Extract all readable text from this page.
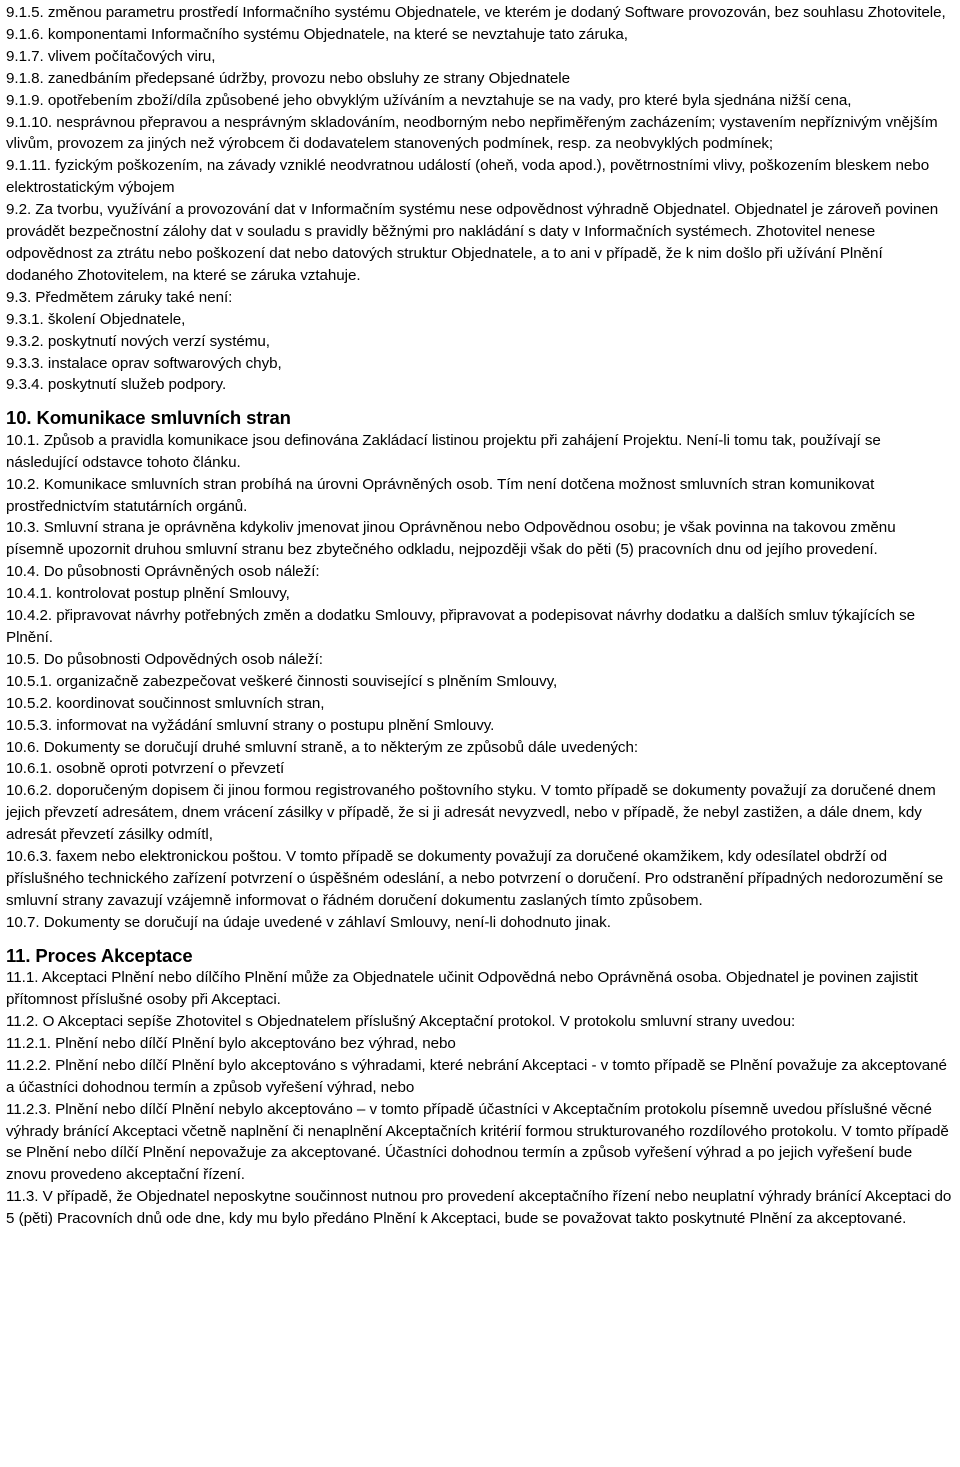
9.1.5. změnou parametru prostředí Informačního systému Objednatele, ve kterém je dodaný Software provozován, bez souhlasu Zhotovitele,

9.1.6. komponentami Informačního systému Objednatele, na které se nevztahuje tato záruka,

9.1.7. vlivem počítačových viru,

9.1.8. zanedbáním předepsané údržby, provozu nebo obsluhy ze strany Objednatele

9.1.9. opotřebením zboží/díla způsobené jeho obvyklým užíváním a nevztahuje se na vady, pro které byla sjednána nižší cena,

9.1.10. nesprávnou přepravou a nesprávným skladováním, neodborným nebo nepřiměřeným zacházením; vystavením nepříznivým vnějším vlivům, provozem za jiných než výrobcem či dodavatelem stanovených podmínek, resp. za neobvyklých podmínek;

9.1.11. fyzickým poškozením, na závady vzniklé neodvratnou událostí (oheň, voda apod.), povětrnostními vlivy, poškozením bleskem nebo elektrostatickým výbojem

9.2. Za tvorbu, využívání a provozování dat v Informačním systému nese odpovědnost výhradně Objednatel. Objednatel je zároveň povinen provádět bezpečnostní zálohy dat v souladu s pravidly běžnými pro nakládání s daty v Informačních systémech. Zhotovitel nenese odpovědnost za ztrátu nebo poškození dat nebo datových struktur Objednatele, a to ani v případě, že k nim došlo při užívání Plnění dodaného Zhotovitelem, na které se záruka vztahuje.

9.3. Předmětem záruky také není:

9.3.1. školení Objednatele,

9.3.2. poskytnutí nových verzí systému,

9.3.3. instalace oprav softwarových chyb,

9.3.4. poskytnutí služeb podpory.

10. Komunikace smluvních stran

10.1. Způsob a pravidla komunikace jsou definována Zakládací listinou projektu při zahájení Projektu. Není-li tomu tak, používají se následující odstavce tohoto článku.

10.2. Komunikace smluvních stran probíhá na úrovni Oprávněných osob. Tím není dotčena možnost smluvních stran komunikovat prostřednictvím statutárních orgánů.

10.3. Smluvní strana je oprávněna kdykoliv jmenovat jinou Oprávněnou nebo Odpovědnou osobu; je však povinna na takovou změnu písemně upozornit druhou smluvní stranu bez zbytečného odkladu, nejpozději však do pěti (5) pracovních dnu od jejího provedení.

10.4. Do působnosti Oprávněných osob náleží:

10.4.1. kontrolovat postup plnění Smlouvy,

10.4.2. připravovat návrhy potřebných změn a dodatku Smlouvy, připravovat a podepisovat návrhy dodatku a dalších smluv týkajících se Plnění.

10.5. Do působnosti Odpovědných osob náleží:

10.5.1. organizačně zabezpečovat veškeré činnosti související s plněním Smlouvy,

10.5.2. koordinovat součinnost smluvních stran,

10.5.3. informovat na vyžádání smluvní strany o postupu plnění Smlouvy.

10.6. Dokumenty se doručují druhé smluvní straně, a to některým ze způsobů dále uvedených:

10.6.1. osobně oproti potvrzení o převzetí

10.6.2. doporučeným dopisem či jinou formou registrovaného poštovního styku. V tomto případě se dokumenty považují za doručené dnem jejich převzetí adresátem, dnem vrácení zásilky v případě, že si ji adresát nevyzvedl, nebo v případě, že nebyl zastižen, a dále dnem, kdy adresát převzetí zásilky odmítl,

10.6.3. faxem nebo elektronickou poštou. V tomto případě se dokumenty považují za doručené okamžikem, kdy odesílatel obdrží od příslušného technického zařízení potvrzení o úspěšném odeslání, a nebo potvrzení o doručení. Pro odstranění případných nedorozumění se smluvní strany zavazují vzájemně informovat o řádném doručení dokumentu zaslaných tímto způsobem.

10.7. Dokumenty se doručují na údaje uvedené v záhlaví Smlouvy, není-li dohodnuto jinak.

11. Proces Akceptace

11.1. Akceptaci Plnění nebo dílčího Plnění může za Objednatele učinit Odpovědná nebo Oprávněná osoba. Objednatel je povinen zajistit přítomnost příslušné osoby při Akceptaci.

11.2. O Akceptaci sepíše Zhotovitel s Objednatelem příslušný Akceptační protokol. V protokolu smluvní strany uvedou:

11.2.1. Plnění nebo dílčí Plnění bylo akceptováno bez výhrad, nebo

11.2.2. Plnění nebo dílčí Plnění bylo akceptováno s výhradami, které nebrání Akceptaci - v tomto případě se Plnění považuje za akceptované a účastníci dohodnou termín a způsob vyřešení výhrad, nebo

11.2.3. Plnění nebo dílčí Plnění nebylo akceptováno – v tomto případě účastníci v Akceptačním protokolu písemně uvedou příslušné věcné výhrady bránící Akceptaci včetně naplnění či nenaplnění Akceptačních kritérií formou strukturovaného rozdílového protokolu. V tomto případě se Plnění nebo dílčí Plnění nepovažuje za akceptované. Účastníci dohodnou termín a způsob vyřešení výhrad a po jejich vyřešení bude znovu provedeno akceptační řízení.

11.3. V případě, že Objednatel neposkytne součinnost nutnou pro provedení akceptačního řízení nebo neuplatní výhrady bránící Akceptaci do 5 (pěti) Pracovních dnů ode dne, kdy mu bylo předáno Plnění k Akceptaci, bude se považovat takto poskytnuté Plnění za akceptované.
